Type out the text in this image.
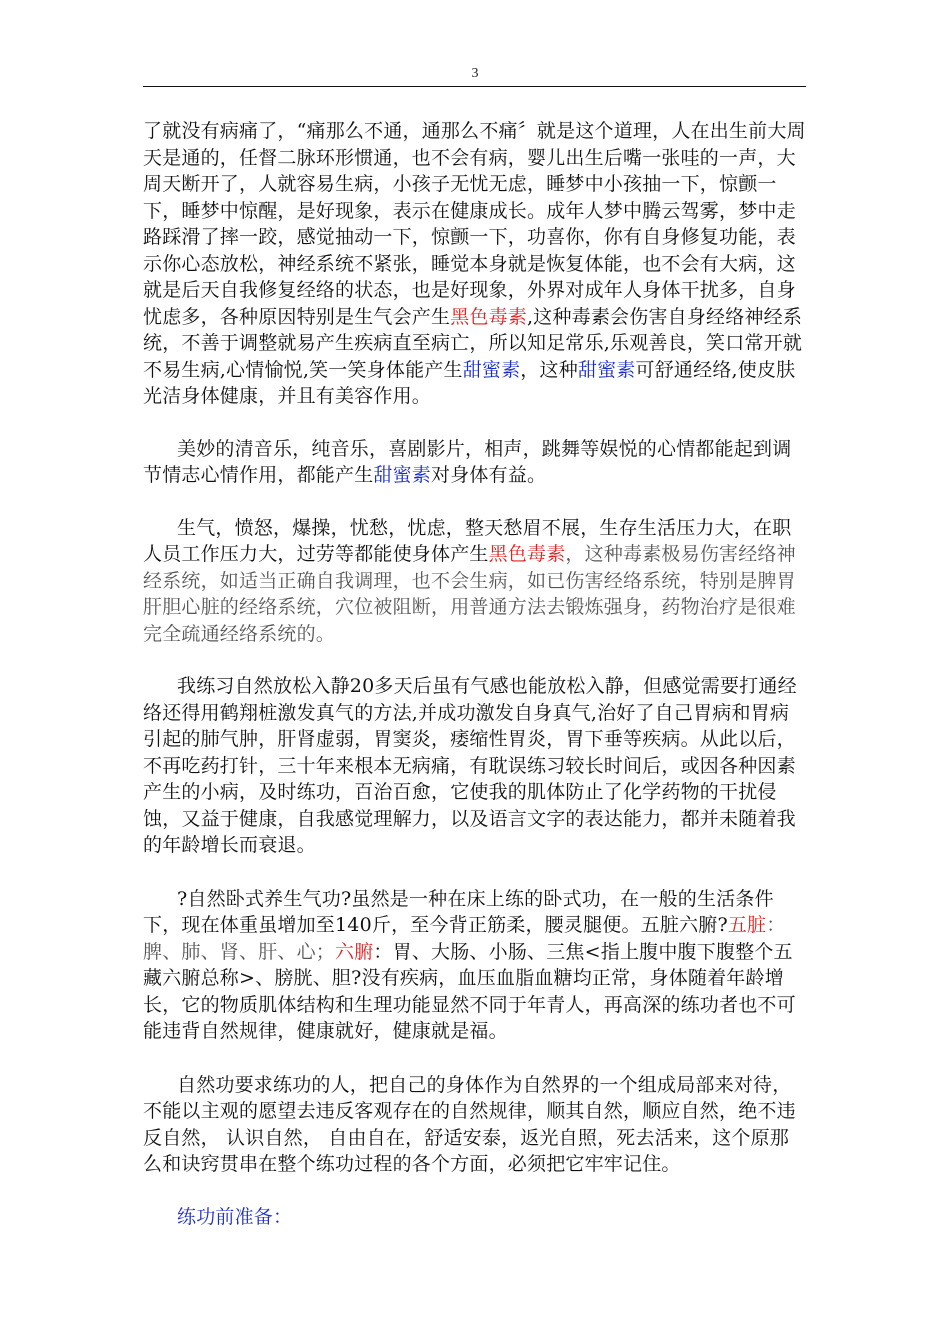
3

了就没有病痛了，“痛那么不通，通那么不痛〞就是这个道理，人在出生前大周天是通的，任督二脉环形惯通，也不会有病，婴儿出生后嘴一张哇的一声，大周天断开了，人就容易生病，小孩子无忧无虑，睡梦中小孩抽一下，惊颤一下，睡梦中惊醒，是好现象，表示在健康成长。成年人梦中腾云驾雾，梦中走路踩滑了摔一跤，感觉抽动一下，惊颤一下，功喜你，你有自身修复功能，表示你心态放松，神经系统不紧张，睡觉本身就是恢复体能，也不会有大病，这就是后天自我修复经络的状态，也是好现象，外界对成年人身体干扰多，自身忧虑多，各种原因特别是生气会产生黑色毒素,这种毒素会伤害自身经络神经系统，不善于调整就易产生疾病直至病亡，所以知足常乐,乐观善良，笑口常开就不易生病,心情愉悦,笑一笑身体能产生甜蜜素，这种甜蜜素可舒通经络,使皮肤光洁身体健康，并且有美容作用。

美妙的清音乐，纯音乐，喜剧影片，相声，跳舞等娱悦的心情都能起到调节情志心情作用，都能产生甜蜜素对身体有益。

生气，愤怒，爆操，忧愁，忧虑，整天愁眉不展，生存生活压力大，在职人员工作压力大，过劳等都能使身体产生黑色毒素，这种毒素极易伤害经络神经系统，如适当正确自我调理，也不会生病，如已伤害经络系统，特别是脾胃肝胆心脏的经络系统，穴位被阻断，用普通方法去锻炼强身，药物治疗是很难完全疏通经络系统的。

我练习自然放松入静20多天后虽有气感也能放松入静，但感觉需要打通经络还得用鹤翔桩激发真气的方法,并成功激发自身真气,治好了自己胃病和胃病引起的肺气肿，肝肾虚弱，胃窦炎，痿缩性胃炎，胃下垂等疾病。从此以后，不再吃药打针，三十年来根本无病痛，有耽误练习较长时间后，或因各种因素产生的小病，及时练功，百治百愈，它使我的肌体防止了化学药物的干扰侵蚀，又益于健康，自我感觉理解力，以及语言文字的表达能力，都并未随着我的年龄增长而衰退。

?自然卧式养生气功?虽然是一种在床上练的卧式功，在一般的生活条件下，现在体重虽增加至140斤，至今背正筋柔，腰灵腿便。五脏六腑?五脏：脾、肺、肾、肝、心；六腑：胃、大肠、小肠、三焦<指上腹中腹下腹整个五藏六腑总称>、膀胱、胆?没有疾病，血压血脂血糖均正常，身体随着年龄增长，它的物质肌体结构和生理功能显然不同于年青人，再高深的练功者也不可能违背自然规律，健康就好，健康就是福。

自然功要求练功的人，把自己的身体作为自然界的一个组成局部来对待，不能以主观的愿望去违反客观存在的自然规律，顺其自然，顺应自然，绝不违反自然， 认识自然， 自由自在，舒适安泰，返光自照，死去活来，这个原那么和诀窍贯串在整个练功过程的各个方面，必须把它牢牢记住。

练功前准备：
